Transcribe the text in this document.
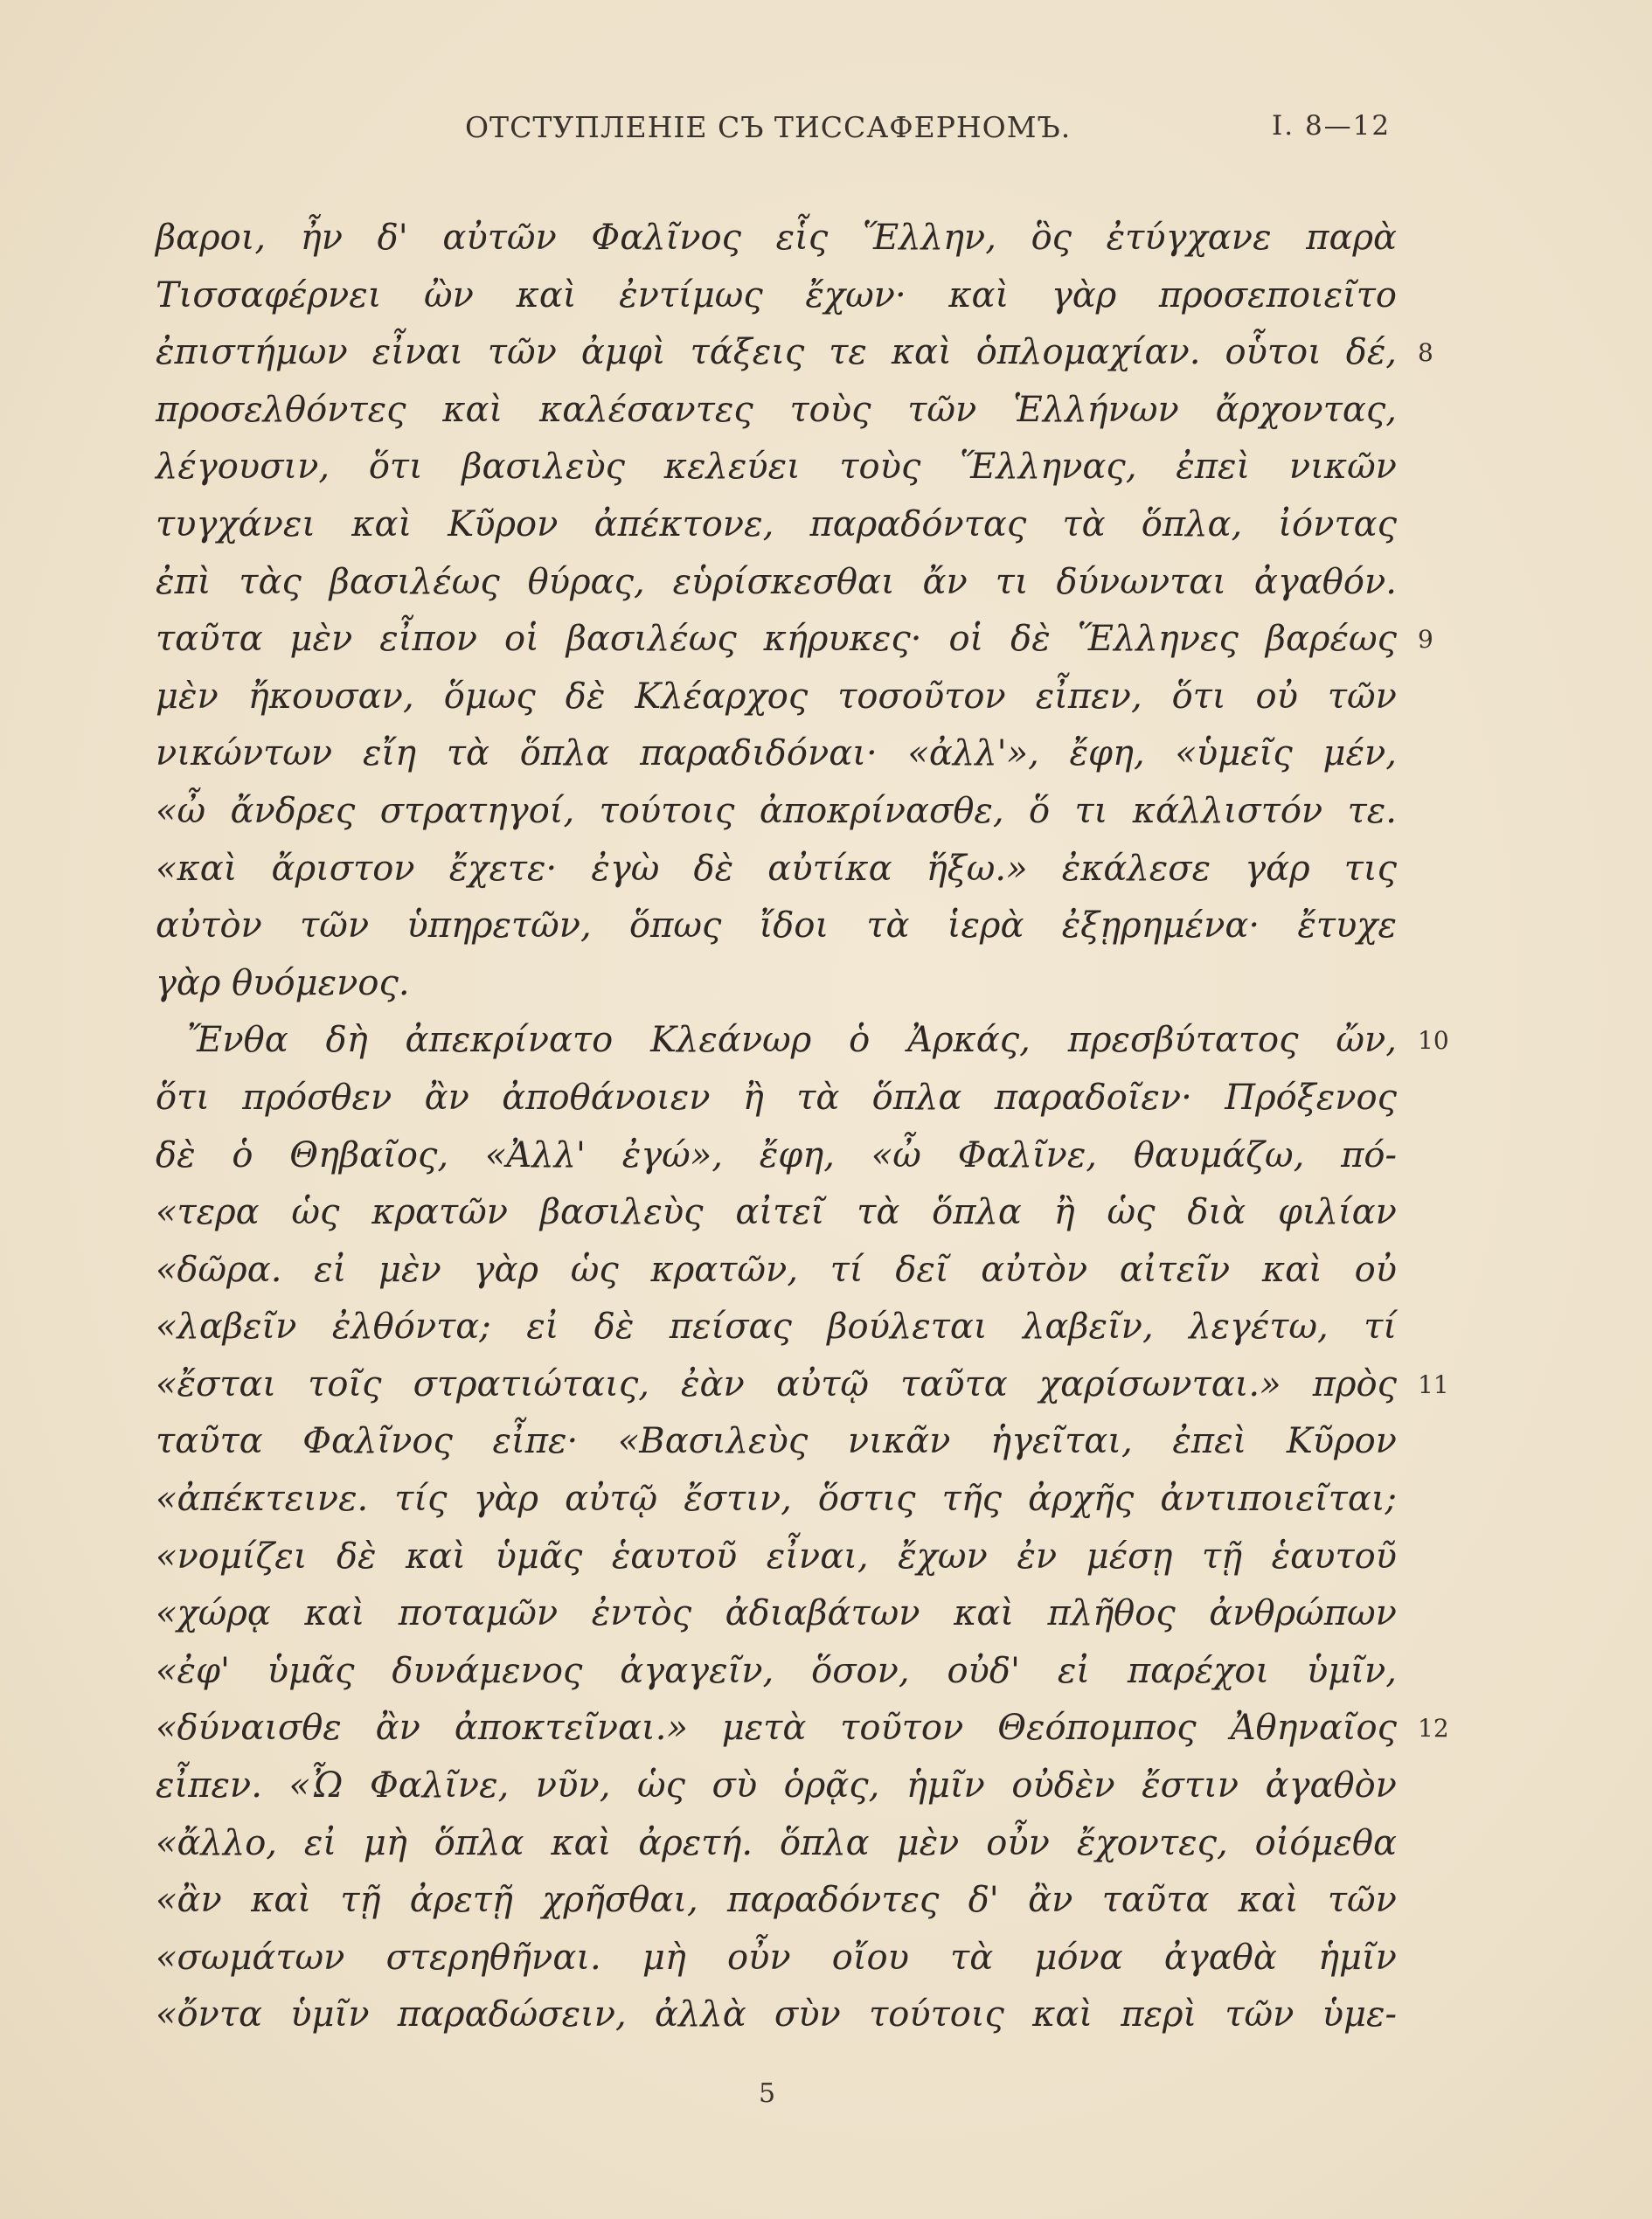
ОТСТУПЛЕНІЕ СЪ ТИССАФЕРНОМЪ.	I. 8—12
βαροι, ἦν δ' αὐτῶν Φαλῖνος εἷς Ἕλλην, ὃς ἐτύγχανε παρὰ
Τισσαφέρνει ὢν καὶ ἐντίμως ἔχων· καὶ γὰρ προσεποιεῖτο
ἐπιστήμων εἶναι τῶν ἀμφὶ τάξεις τε καὶ ὁπλομαχίαν. οὗτοι δέ, 8
προσελθόντες καὶ καλέσαντες τοὺς τῶν Ἑλλήνων ἄρχοντας,
λέγουσιν, ὅτι βασιλεὺς κελεύει τοὺς Ἕλληνας, ἐπεὶ νικῶν
τυγχάνει καὶ Κῦρον ἀπέκτονε, παραδόντας τὰ ὅπλα, ἰόντας
ἐπὶ τὰς βασιλέως θύρας, εὑρίσκεσθαι ἄν τι δύνωνται ἀγαθόν.
ταῦτα μὲν εἶπον οἱ βασιλέως κήρυκες· οἱ δὲ Ἕλληνες βαρέως 9
μὲν ἤκουσαν, ὅμως δὲ Κλέαρχος τοσοῦτον εἶπεν, ὅτι οὐ τῶν
νικώντων εἴη τὰ ὅπλα παραδιδόναι· «ἀλλ'», ἔφη, «ὑμεῖς μέν,
«ὦ ἄνδρες στρατηγοί, τούτοις ἀποκρίνασθε, ὅ τι κάλλιστόν τε.
«καὶ ἄριστον ἔχετε· ἐγὼ δὲ αὐτίκα ἥξω.» ἐκάλεσε γάρ τις
αὐτὸν τῶν ὑπηρετῶν, ὅπως ἴδοι τὰ ἱερὰ ἐξῃρημένα· ἔτυχε
γὰρ θυόμενος.
Ἔνθα δὴ ἀπεκρίνατο Κλεάνωρ ὁ Ἀρκάς, πρεσβύτατος ὤν, 10
ὅτι πρόσθεν ἂν ἀποθάνοιεν ἢ τὰ ὅπλα παραδοῖεν· Πρόξενος
δὲ ὁ Θηβαῖος, «Ἀλλ' ἐγώ», ἔφη, «ὦ Φαλῖνε, θαυμάζω, πό-
«τερα ὡς κρατῶν βασιλεὺς αἰτεῖ τὰ ὅπλα ἢ ὡς διὰ φιλίαν
«δῶρα. εἰ μὲν γὰρ ὡς κρατῶν, τί δεῖ αὐτὸν αἰτεῖν καὶ οὐ
«λαβεῖν ἐλθόντα; εἰ δὲ πείσας βούλεται λαβεῖν, λεγέτω, τί
«ἔσται τοῖς στρατιώταις, ἐὰν αὐτῷ ταῦτα χαρίσωνται.» πρὸς 11
ταῦτα Φαλῖνος εἶπε· «Βασιλεὺς νικᾶν ἡγεῖται, ἐπεὶ Κῦρον
«ἀπέκτεινε. τίς γὰρ αὐτῷ ἔστιν, ὅστις τῆς ἀρχῆς ἀντιποιεῖται;
«νομίζει δὲ καὶ ὑμᾶς ἑαυτοῦ εἶναι, ἔχων ἐν μέσῃ τῇ ἑαυτοῦ
«χώρᾳ καὶ ποταμῶν ἐντὸς ἀδιαβάτων καὶ πλῆθος ἀνθρώπων
«ἐφ' ὑμᾶς δυνάμενος ἀγαγεῖν, ὅσον, οὐδ' εἰ παρέχοι ὑμῖν,
«δύναισθε ἂν ἀποκτεῖναι.» μετὰ τοῦτον Θεόπομπος Ἀθηναῖος 12
εἶπεν. «Ὦ Φαλῖνε, νῦν, ὡς σὺ ὁρᾷς, ἡμῖν οὐδὲν ἔστιν ἀγαθὸν
«ἄλλο, εἰ μὴ ὅπλα καὶ ἀρετή. ὅπλα μὲν οὖν ἔχοντες, οἰόμεθα
«ἂν καὶ τῇ ἀρετῇ χρῆσθαι, παραδόντες δ' ἂν ταῦτα καὶ τῶν
«σωμάτων στερηθῆναι. μὴ οὖν οἴου τὰ μόνα ἀγαθὰ ἡμῖν
«ὄντα ὑμῖν παραδώσειν, ἀλλὰ σὺν τούτοις καὶ περὶ τῶν ὑμε-
5
